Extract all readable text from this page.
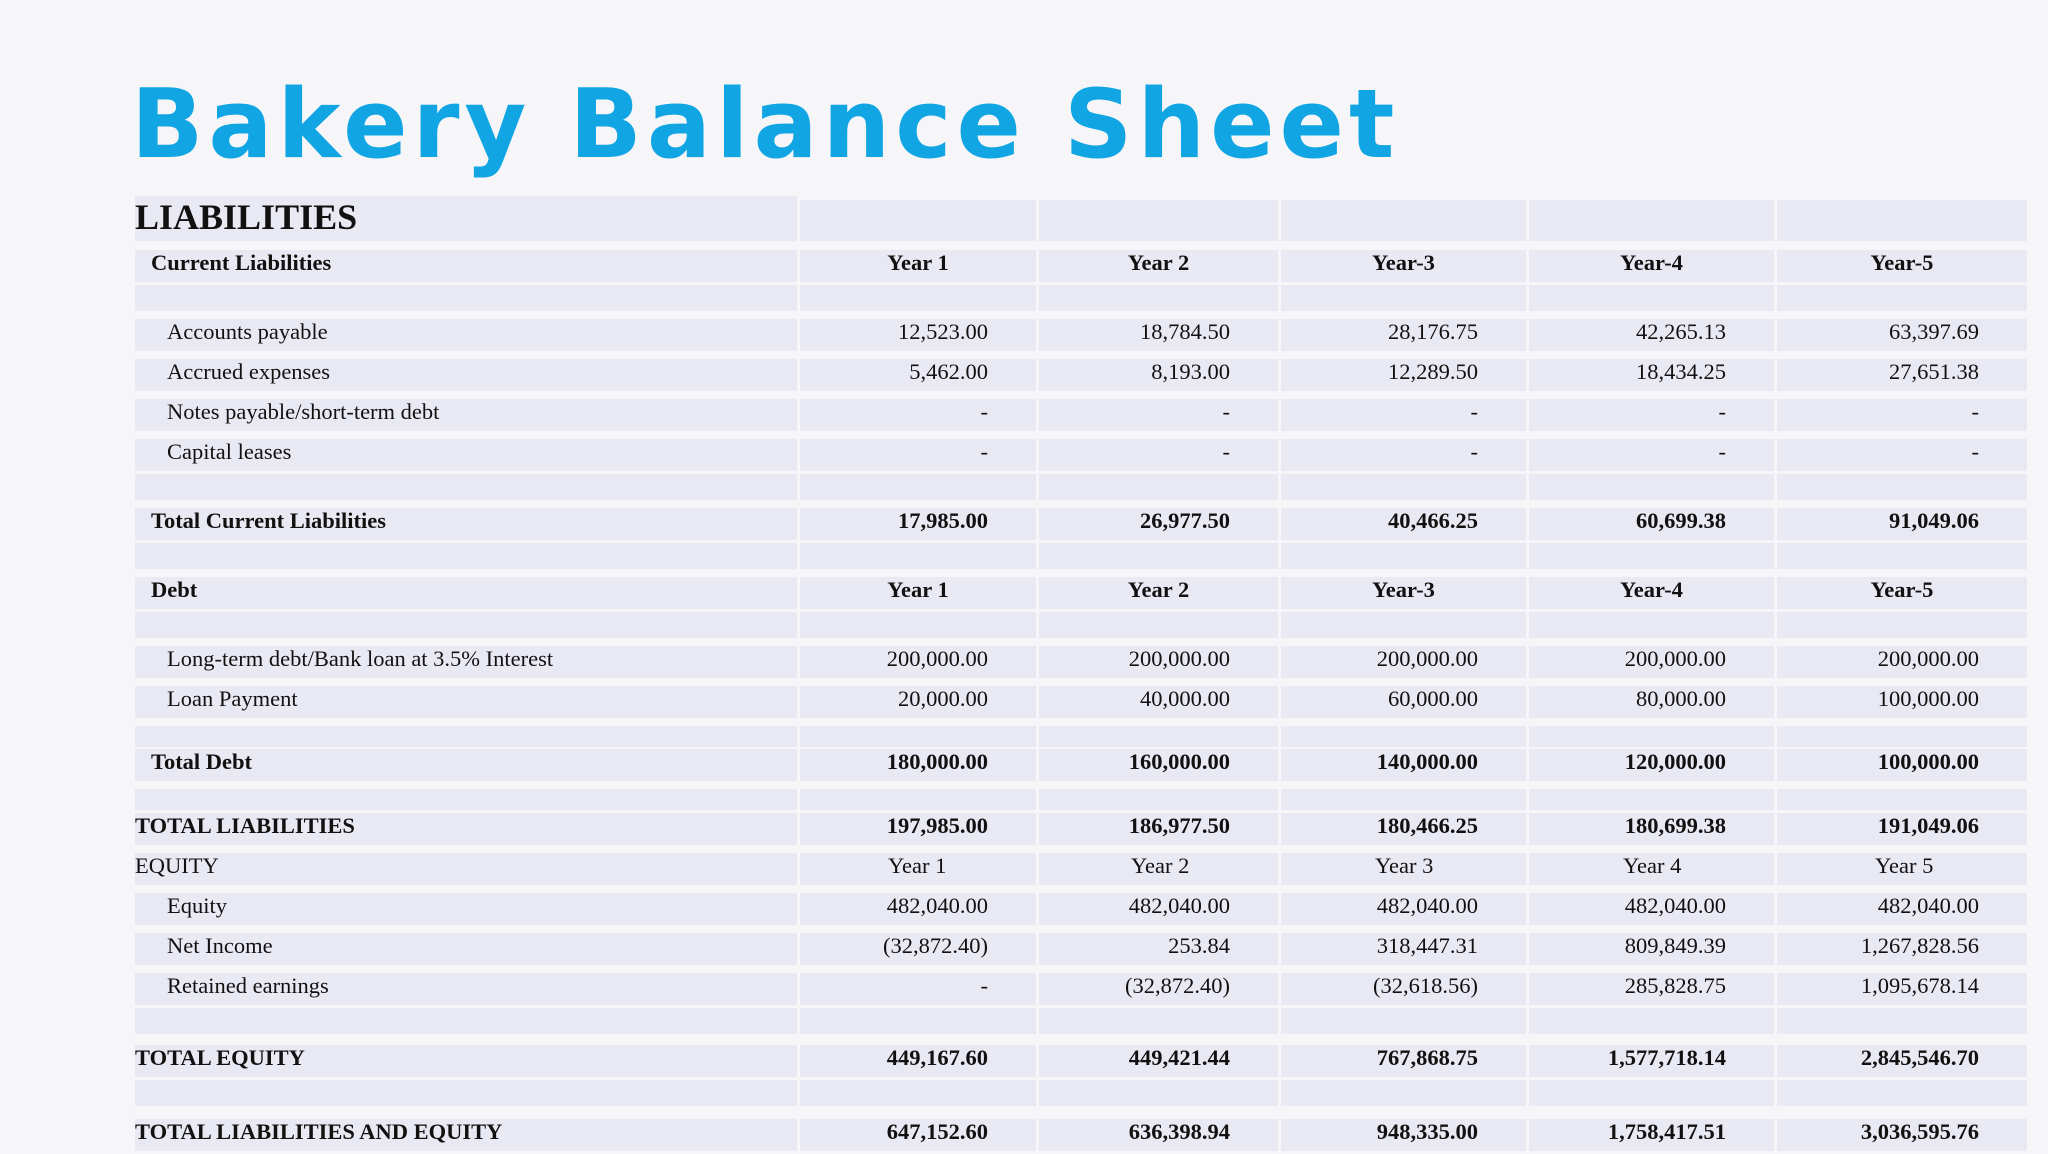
Bakery Balance Sheet
LIABILITIES
Current Liabilities	Year 1	Year 2	Year-3	Year-4	Year-5
Accounts payable	12,523.00	18,784.50	28,176.75	42,265.13	63,397.69
Accrued expenses	5,462.00	8,193.00	12,289.50	18,434.25	27,651.38
Notes payable/short-term debt	-	-	-	-	-
Capital leases	-	-	-	-	-
Total Current Liabilities	17,985.00	26,977.50	40,466.25	60,699.38	91,049.06
Debt	Year 1	Year 2	Year-3	Year-4	Year-5
Long-term debt/Bank loan at 3.5% Interest	200,000.00	200,000.00	200,000.00	200,000.00	200,000.00
Loan Payment	20,000.00	40,000.00	60,000.00	80,000.00	100,000.00
Total Debt	180,000.00	160,000.00	140,000.00	120,000.00	100,000.00
TOTAL LIABILITIES	197,985.00	186,977.50	180,466.25	180,699.38	191,049.06
EQUITY	Year 1	Year 2	Year 3	Year 4	Year 5
Equity	482,040.00	482,040.00	482,040.00	482,040.00	482,040.00
Net Income	(32,872.40)	253.84	318,447.31	809,849.39	1,267,828.56
Retained earnings	-	(32,872.40)	(32,618.56)	285,828.75	1,095,678.14
TOTAL EQUITY	449,167.60	449,421.44	767,868.75	1,577,718.14	2,845,546.70
TOTAL LIABILITIES AND EQUITY	647,152.60	636,398.94	948,335.00	1,758,417.51	3,036,595.76
